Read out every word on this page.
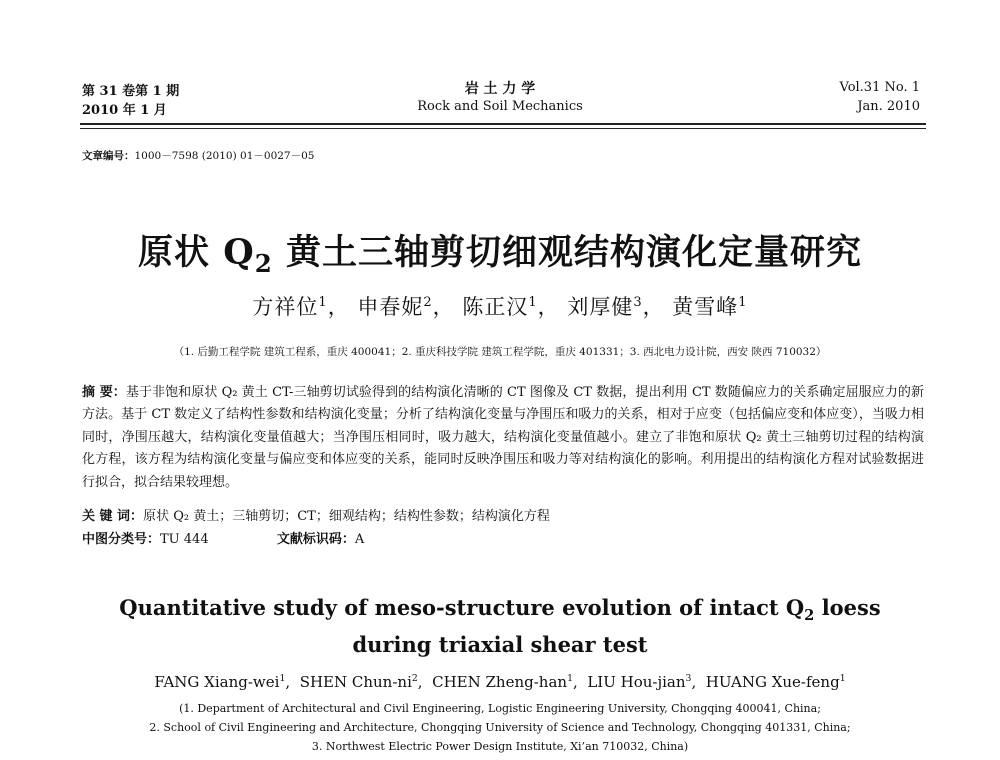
第 31 卷第 1 期
2010 年 1 月
岩 土 力 学
Rock and Soil Mechanics
Vol.31 No. 1
Jan. 2010
文章编号：1000－7598 (2010) 01－0027－05
原状 $Q_2$ 黄土三轴剪切细观结构演化定量研究
方祥位$^1$， 申春妮$^2$， 陈正汉$^1$， 刘厚健$^3$， 黄雪峰$^1$
（1. 后勤工程学院 建筑工程系，重庆 400041；2. 重庆科技学院 建筑工程学院，重庆 401331；3. 西北电力设计院，西安 陕西 710032）

摘 要：基于非饱和原状 Q₂ 黄土 CT-三轴剪切试验得到的结构演化清晰的 CT 图像及 CT 数据，提出利用 CT 数随偏应力的关系确定屈服应力的新方法。基于 CT 数定义了结构性参数和结构演化变量；分析了结构演化变量与净围压和吸力的关系，相对于应变（包括偏应变和体应变），当吸力相同时，净围压越大，结构演化变量值越大；当净围压相同时，吸力越大，结构演化变量值越小。建立了非饱和原状 Q₂ 黄土三轴剪切过程的结构演化方程，该方程为结构演化变量与偏应变和体应变的关系，能同时反映净围压和吸力等对结构演化的影响。利用提出的结构演化方程对试验数据进行拟合，拟合结果较理想。

关 键 词：原状 Q₂ 黄土；三轴剪切；CT；细观结构；结构性参数；结构演化方程
中图分类号：TU 444	文献标识码：A
Quantitative study of meso-structure evolution of intact $Q_2$ loess
during triaxial shear test
FANG Xiang-wei$^1$,  SHEN Chun-$ni^2$,  CHEN Zheng-han$^1$,  LIU Hou-jian$^3$,  HUANG Xue-feng$^1$
(1. Department of Architectural and Civil Engineering, Logistic Engineering University, Chongqing 400041, China;
2. School of Civil Engineering and Architecture, Chongqing University of Science and Technology, Chongqing 401331, China;
3. Northwest Electric Power Design Institute, Xi’an 710032, China)
